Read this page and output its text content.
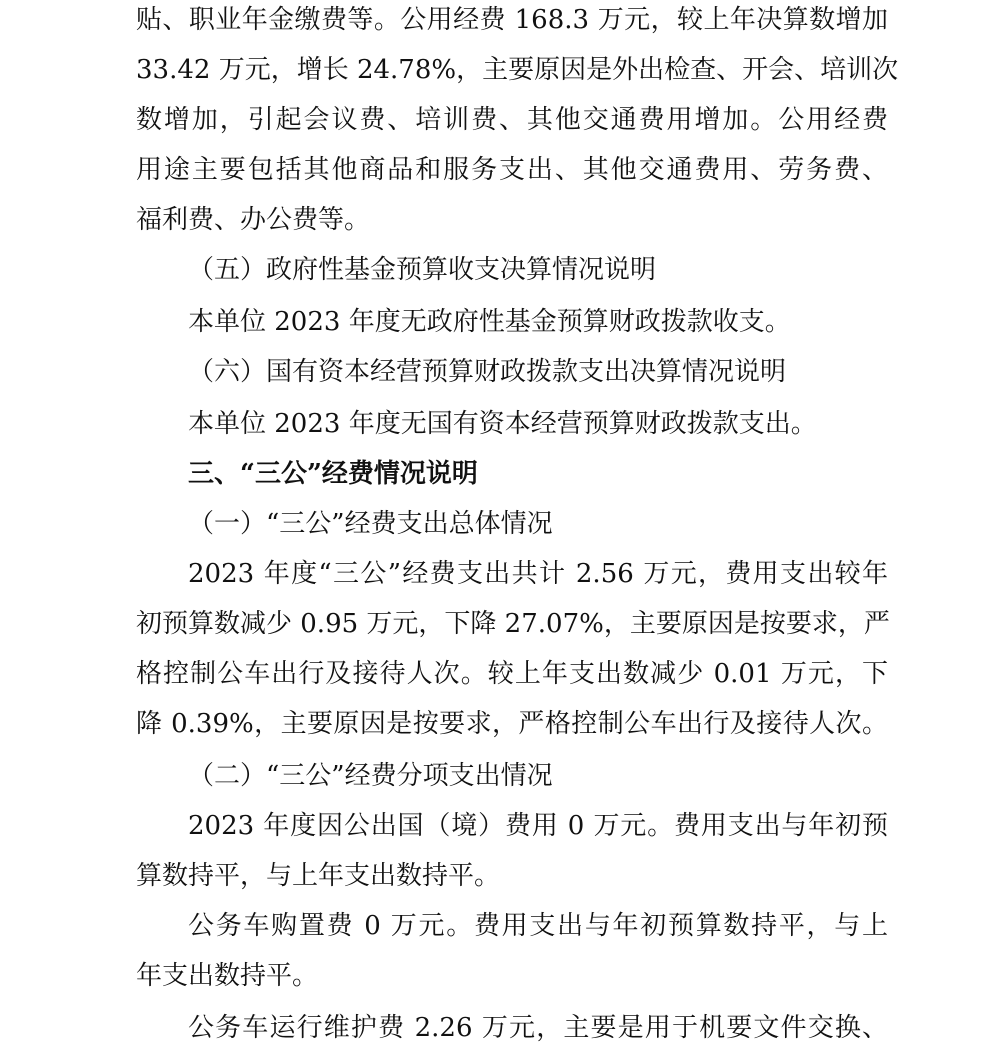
贴、职业年金缴费等。公用经费 168.3 万元，较上年决算数增加
33.42 万元，增长 24.78%，主要原因是外出检查、开会、培训次
数增加，引起会议费、培训费、其他交通费用增加。公用经费
用途主要包括其他商品和服务支出、其他交通费用、劳务费、
福利费、办公费等。
（五）政府性基金预算收支决算情况说明
本单位 2023 年度无政府性基金预算财政拨款收支。
（六）国有资本经营预算财政拨款支出决算情况说明
本单位 2023 年度无国有资本经营预算财政拨款支出。
三、“三公”经费情况说明
（一）“三公”经费支出总体情况
2023 年度“三公”经费支出共计 2.56 万元，费用支出较年
初预算数减少 0.95 万元，下降 27.07%，主要原因是按要求，严
格控制公车出行及接待人次。较上年支出数减少 0.01 万元，下
降 0.39%，主要原因是按要求，严格控制公车出行及接待人次。
（二）“三公”经费分项支出情况
2023 年度因公出国（境）费用 0 万元。费用支出与年初预
算数持平，与上年支出数持平。
公务车购置费 0 万元。费用支出与年初预算数持平，与上
年支出数持平。
公务车运行维护费 2.26 万元，主要是用于机要文件交换、
